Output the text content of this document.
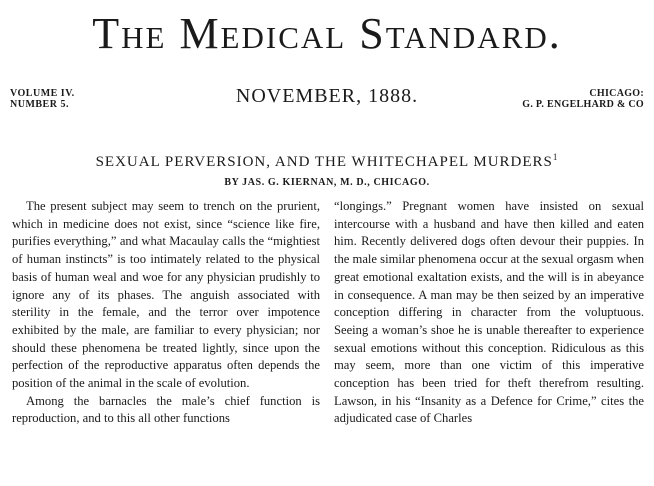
The Medical Standard.
VOLUME IV.
NUMBER 5.	NOVEMBER, 1888.	CHICAGO:
G. P. ENGELHARD & CO
SEXUAL PERVERSION, AND THE WHITECHAPEL MURDERS$^1$
BY JAS. G. KIERNAN, M. D., CHICAGO.

The present subject may seem to trench on the prurient, which in medicine does not exist, since “science like fire, purifies everything,” and what Macaulay calls the “mightiest of human instincts” is too intimately related to the physical basis of human weal and woe for any physician prudishly to ignore any of its phases. The anguish associated with sterility in the female, and the terror over impotence exhibited by the male, are familiar to every physician; nor should these phenomena be treated lightly, since upon the perfection of the reproductive apparatus often depends the position of the animal in the scale of evolution.

Among the barnacles the male’s chief function is reproduction, and to this all other functions

“longings.” Pregnant women have insisted on sexual intercourse with a husband and have then killed and eaten him. Recently delivered dogs often devour their puppies. In the male similar phenomena occur at the sexual orgasm when great emotional exaltation exists, and the will is in abeyance in consequence. A man may be then seized by an imperative conception differing in character from the voluptuous. Seeing a woman’s shoe he is unable thereafter to experience sexual emotions without this conception. Ridiculous as this may seem, more than one victim of this imperative conception has been tried for theft therefrom resulting. Lawson, in his “Insanity as a Defence for Crime,” cites the adjudicated case of Charles
